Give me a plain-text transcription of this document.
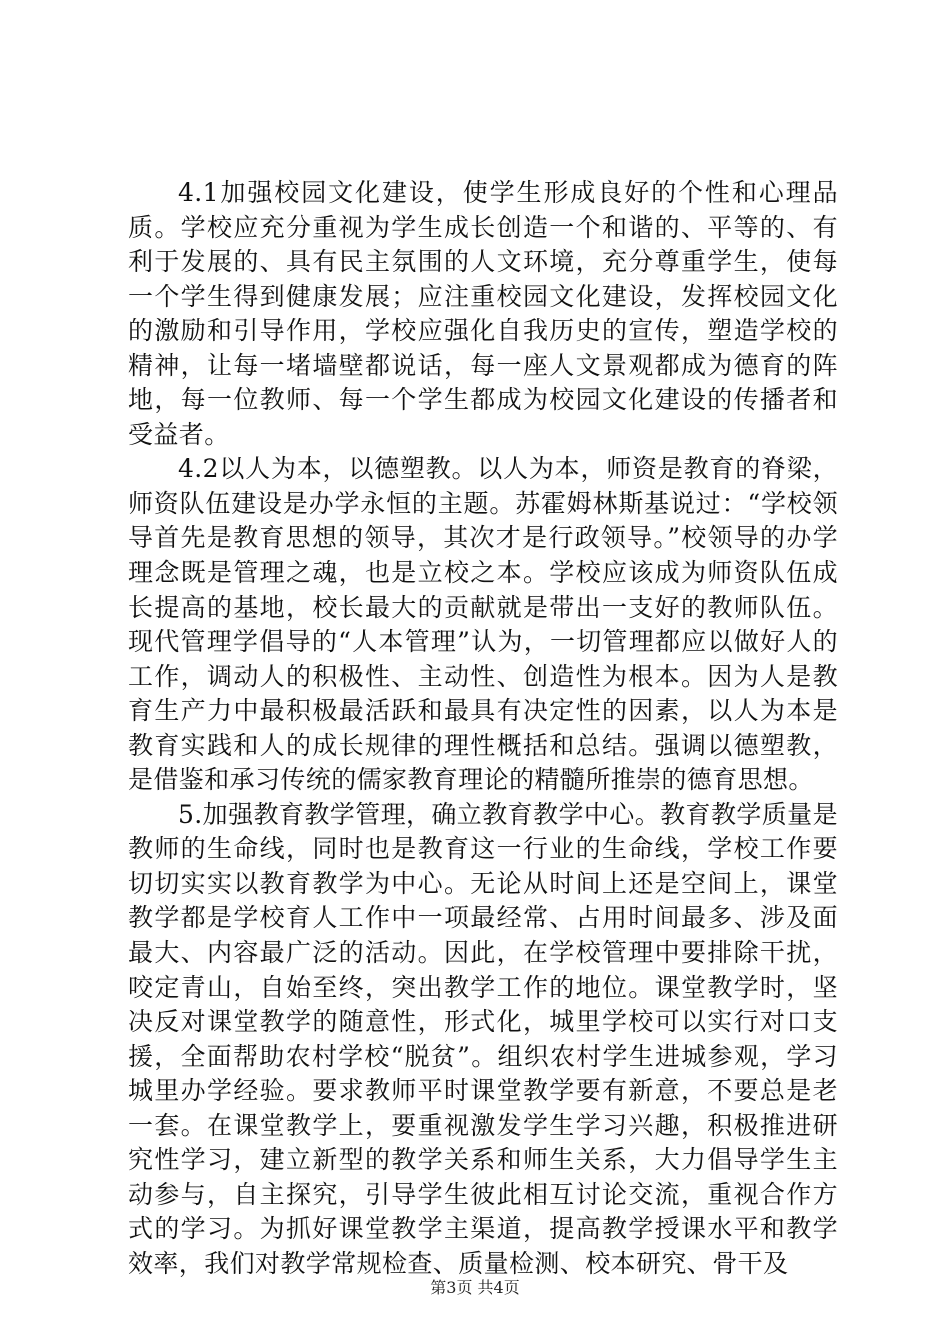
4.1加强校园文化建设，使学生形成良好的个性和心理品质。学校应充分重视为学生成长创造一个和谐的、平等的、有利于发展的、具有民主氛围的人文环境，充分尊重学生，使每一个学生得到健康发展；应注重校园文化建设，发挥校园文化的激励和引导作用，学校应强化自我历史的宣传，塑造学校的精神，让每一堵墙壁都说话，每一座人文景观都成为德育的阵地，每一位教师、每一个学生都成为校园文化建设的传播者和受益者。

4.2以人为本，以德塑教。以人为本，师资是教育的脊梁，师资队伍建设是办学永恒的主题。苏霍姆林斯基说过：“学校领导首先是教育思想的领导，其次才是行政领导。”校领导的办学理念既是管理之魂，也是立校之本。学校应该成为师资队伍成长提高的基地，校长最大的贡献就是带出一支好的教师队伍。现代管理学倡导的“人本管理”认为，一切管理都应以做好人的工作，调动人的积极性、主动性、创造性为根本。因为人是教育生产力中最积极最活跃和最具有决定性的因素，以人为本是教育实践和人的成长规律的理性概括和总结。强调以德塑教，是借鉴和承习传统的儒家教育理论的精髓所推崇的德育思想。

5.加强教育教学管理，确立教育教学中心。教育教学质量是教师的生命线，同时也是教育这一行业的生命线，学校工作要切切实实以教育教学为中心。无论从时间上还是空间上，课堂教学都是学校育人工作中一项最经常、占用时间最多、涉及面最大、内容最广泛的活动。因此，在学校管理中要排除干扰，咬定青山，自始至终，突出教学工作的地位。课堂教学时，坚决反对课堂教学的随意性，形式化，城里学校可以实行对口支援，全面帮助农村学校“脱贫”。组织农村学生进城参观，学习城里办学经验。要求教师平时课堂教学要有新意，不要总是老一套。在课堂教学上，要重视激发学生学习兴趣，积极推进研究性学习，建立新型的教学关系和师生关系，大力倡导学生主动参与，自主探究，引导学生彼此相互讨论交流，重视合作方式的学习。为抓好课堂教学主渠道，提高教学授课水平和教学效率，我们对教学常规检查、质量检测、校本研究、骨干及

第3页 共4页
